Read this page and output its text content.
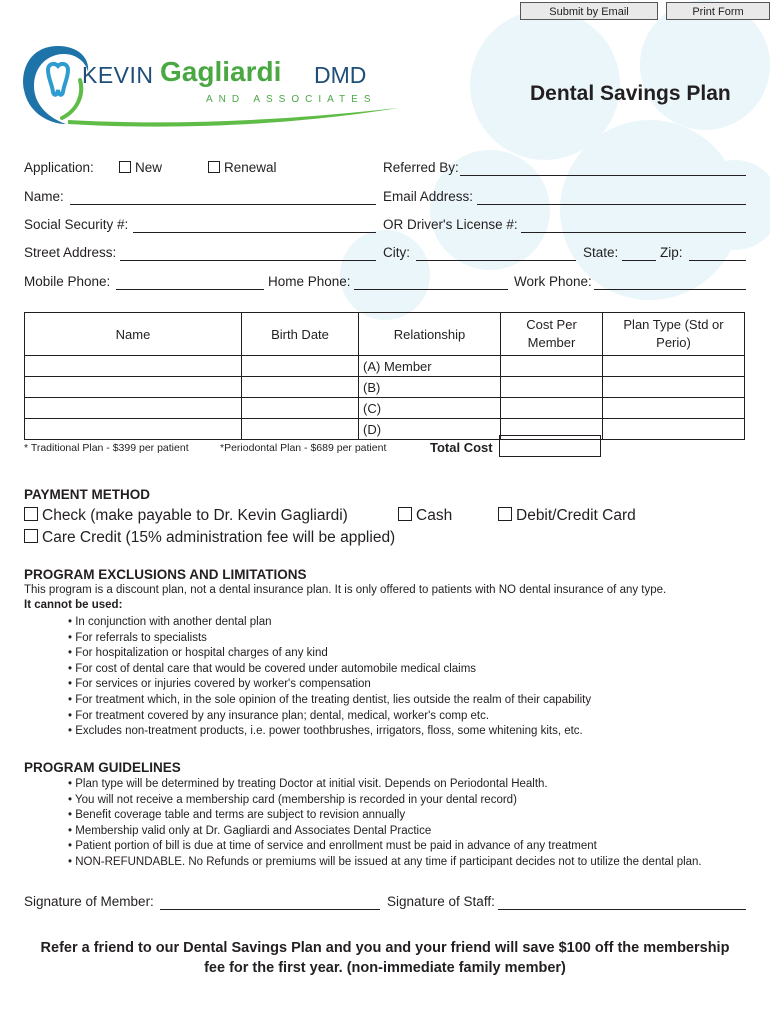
Submit by Email	Print Form
KEVIN Gagliardi DMD
AND ASSOCIATES	Dental Savings Plan
Application:	New	Renewal	Referred By:
Name:	Email Address:
Social Security #:	OR Driver's License #:
Street Address:	City:	State:	Zip:
Mobile Phone:	Home Phone:	Work Phone:
Name	Birth Date	Relationship	Cost Per Member	Plan Type (Std or Perio)

		(A) Member		
		(B)		
		(C)		
		(D)		
* Traditional Plan - $399 per patient	*Periodontal Plan - $689 per patient	Total Cost
PAYMENT METHOD
Check (make payable to Dr. Kevin Gagliardi)	Cash	Debit/Credit Card
Care Credit (15% administration fee will be applied)
PROGRAM EXCLUSIONS AND LIMITATIONS
This program is a discount plan, not a dental insurance plan. It is only offered to patients with NO dental insurance of any type.
It cannot be used:
• In conjunction with another dental plan
• For referrals to specialists
• For hospitalization or hospital charges of any kind
• For cost of dental care that would be covered under automobile medical claims
• For services or injuries covered by worker's compensation
• For treatment which, in the sole opinion of the treating dentist, lies outside the realm of their capability
• For treatment covered by any insurance plan; dental, medical, worker's comp etc.
• Excludes non-treatment products, i.e. power toothbrushes, irrigators, floss, some whitening kits, etc.
PROGRAM GUIDELINES
• Plan type will be determined by treating Doctor at initial visit. Depends on Periodontal Health.
• You will not receive a membership card (membership is recorded in your dental record)
• Benefit coverage table and terms are subject to revision annually
• Membership valid only at Dr. Gagliardi and Associates Dental Practice
• Patient portion of bill is due at time of service and enrollment must be paid in advance of any treatment
• NON-REFUNDABLE. No Refunds or premiums will be issued at any time if participant decides not to utilize the dental plan.
Signature of Member:	Signature of Staff:
Refer a friend to our Dental Savings Plan and you and your friend will save $100 off the membership
fee for the first year. (non-immediate family member)
